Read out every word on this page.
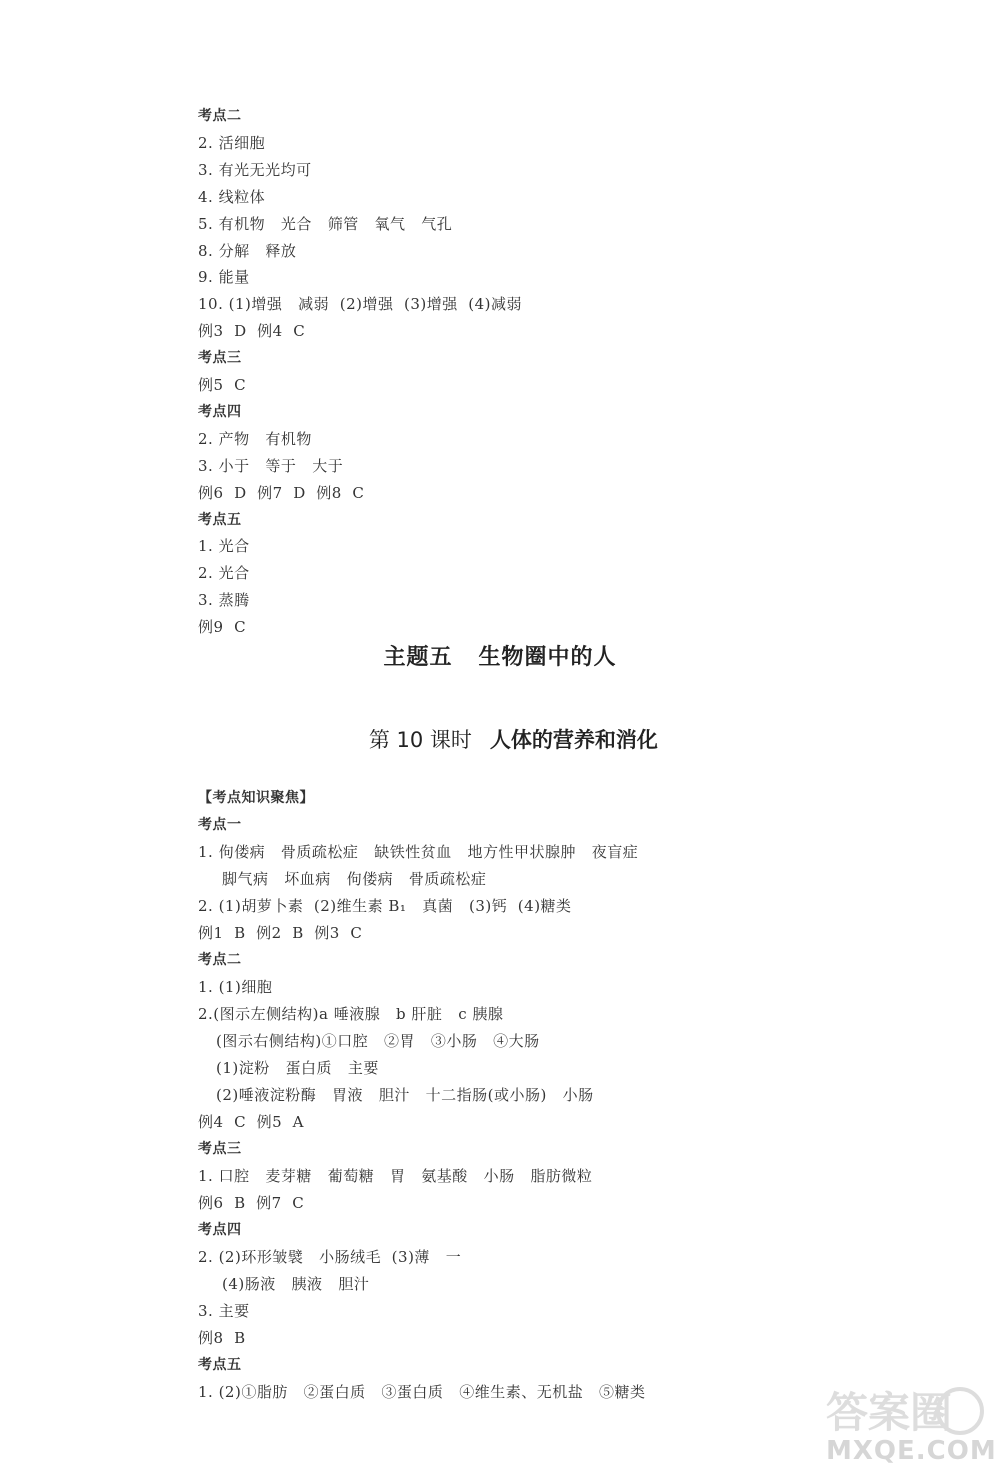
考点二
2. 活细胞
3. 有光无光均可
4. 线粒体
5. 有机物   光合   筛管   氧气   气孔
8. 分解   释放
9. 能量
10. (1)增强   减弱  (2)增强  (3)增强  (4)减弱
例3  D  例4  C
考点三
例5  C
考点四
2. 产物   有机物
3. 小于   等于   大于
例6  D  例7  D  例8  C
考点五
1. 光合
2. 光合
3. 蒸腾
例9  C
主题五   生物圈中的人

第 10 课时 人体的营养和消化

【考点知识聚焦】
考点一
1. 佝偻病   骨质疏松症   缺铁性贫血   地方性甲状腺肿   夜盲症
脚气病   坏血病   佝偻病   骨质疏松症
2. (1)胡萝卜素  (2)维生素 B₁   真菌   (3)钙  (4)糖类
例1  B  例2  B  例3  C
考点二
1. (1)细胞
2.(图示左侧结构)a 唾液腺   b 肝脏   c 胰腺
(图示右侧结构)①口腔   ②胃   ③小肠   ④大肠
(1)淀粉   蛋白质   主要
(2)唾液淀粉酶   胃液   胆汁   十二指肠(或小肠)   小肠
例4  C  例5  A
考点三
1. 口腔   麦芽糖   葡萄糖   胃   氨基酸   小肠   脂肪微粒
例6  B  例7  C
考点四
2. (2)环形皱襞   小肠绒毛  (3)薄   一
(4)肠液   胰液   胆汁
3. 主要
例8  B
考点五
1. (2)①脂肪   ②蛋白质   ③蛋白质   ④维生素、无机盐   ⑤糖类	答案圈
MXQE.COM
